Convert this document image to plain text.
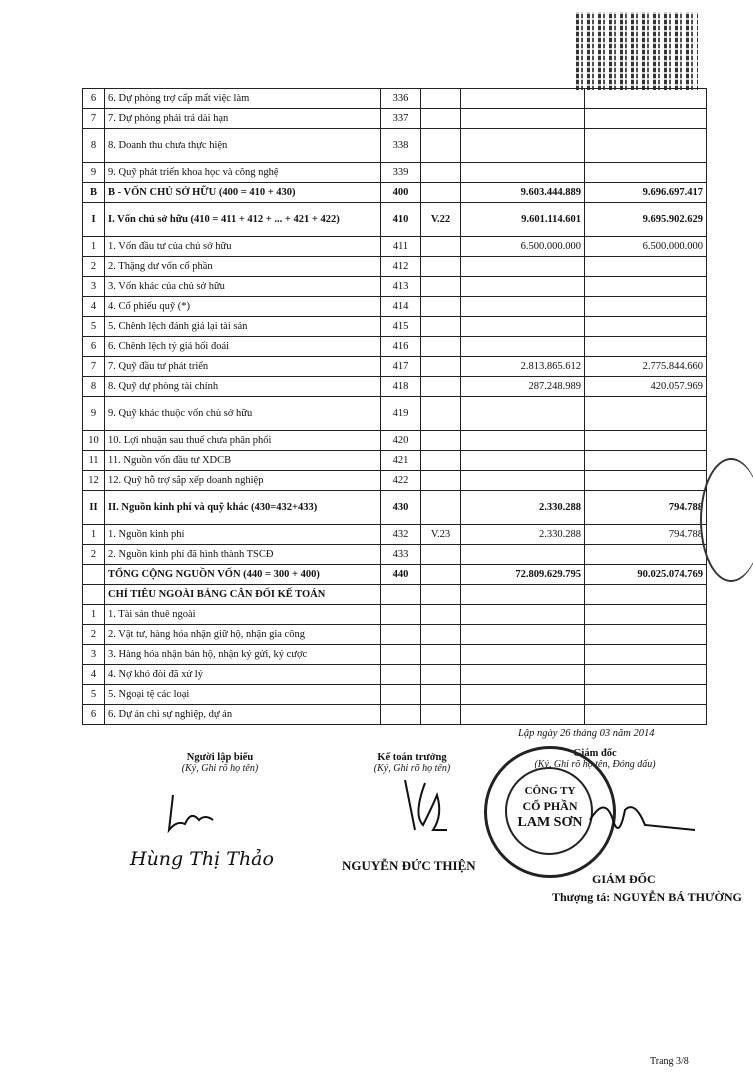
6	6. Dự phòng trợ cấp mất việc làm	336			
7	7. Dự phòng phải trả dài hạn	337			
8	8. Doanh thu chưa thực hiện	338			
9	9. Quỹ phát triển khoa học và công nghệ	339			
B	B - VỐN CHỦ SỞ HỮU (400 = 410 + 430)	400		9.603.444.889	9.696.697.417
I	I. Vốn chủ sở hữu (410 = 411 + 412 + ... + 421 + 422)	410	V.22	9.601.114.601	9.695.902.629
1	1. Vốn đầu tư của chủ sở hữu	411		6.500.000.000	6.500.000.000
2	2. Thặng dư vốn cổ phần	412			
3	3. Vốn khác của chủ sở hữu	413			
4	4. Cổ phiếu quỹ (*)	414			
5	5. Chênh lệch đánh giá lại tài sản	415			
6	6. Chênh lệch tỷ giá hối đoái	416			
7	7. Quỹ đầu tư phát triển	417		2.813.865.612	2.775.844.660
8	8. Quỹ dự phòng tài chính	418		287.248.989	420.057.969
9	9. Quỹ khác thuộc vốn chủ sở hữu	419			
10	10. Lợi nhuận sau thuế chưa phân phối	420			
11	11. Nguồn vốn đầu tư XDCB	421			
12	12. Quỹ hỗ trợ sắp xếp doanh nghiệp	422			
II	II. Nguồn kinh phí và quỹ khác (430=432+433)	430		2.330.288	794.788
1	1. Nguồn kinh phí	432	V.23	2.330.288	794.788
2	2. Nguồn kinh phí đã hình thành TSCĐ	433			
	TỔNG CỘNG NGUỒN VỐN (440 = 300 + 400)	440		72.809.629.795	90.025.074.769
	CHỈ TIÊU NGOÀI BẢNG CÂN ĐỐI KẾ TOÁN				
1	1. Tài sản thuê ngoài				
2	2. Vật tư, hàng hóa nhận giữ hộ, nhận gia công				
3	3. Hàng hóa nhận bán hộ, nhận ký gửi, ký cược				
4	4. Nợ khó đòi đã xử lý				
5	5. Ngoại tệ các loại				
6	6. Dự án chi sự nghiệp, dự án				
Lập ngày 26 tháng 03 năm 2014
Người lập biểu
(Ký, Ghi rõ họ tên)
Hùng Thị Thảo
Kế toán trưởng
(Ký, Ghi rõ họ tên)
NGUYỄN ĐỨC THIỆN
Giám đốc
(Ký, Ghi rõ họ tên, Đóng dấu)
CÔNG TY
CỔ PHẦN
LAM SƠN
GIÁM ĐỐC
Thượng tá: NGUYỄN BÁ THƯỜNG
Trang 3/8
